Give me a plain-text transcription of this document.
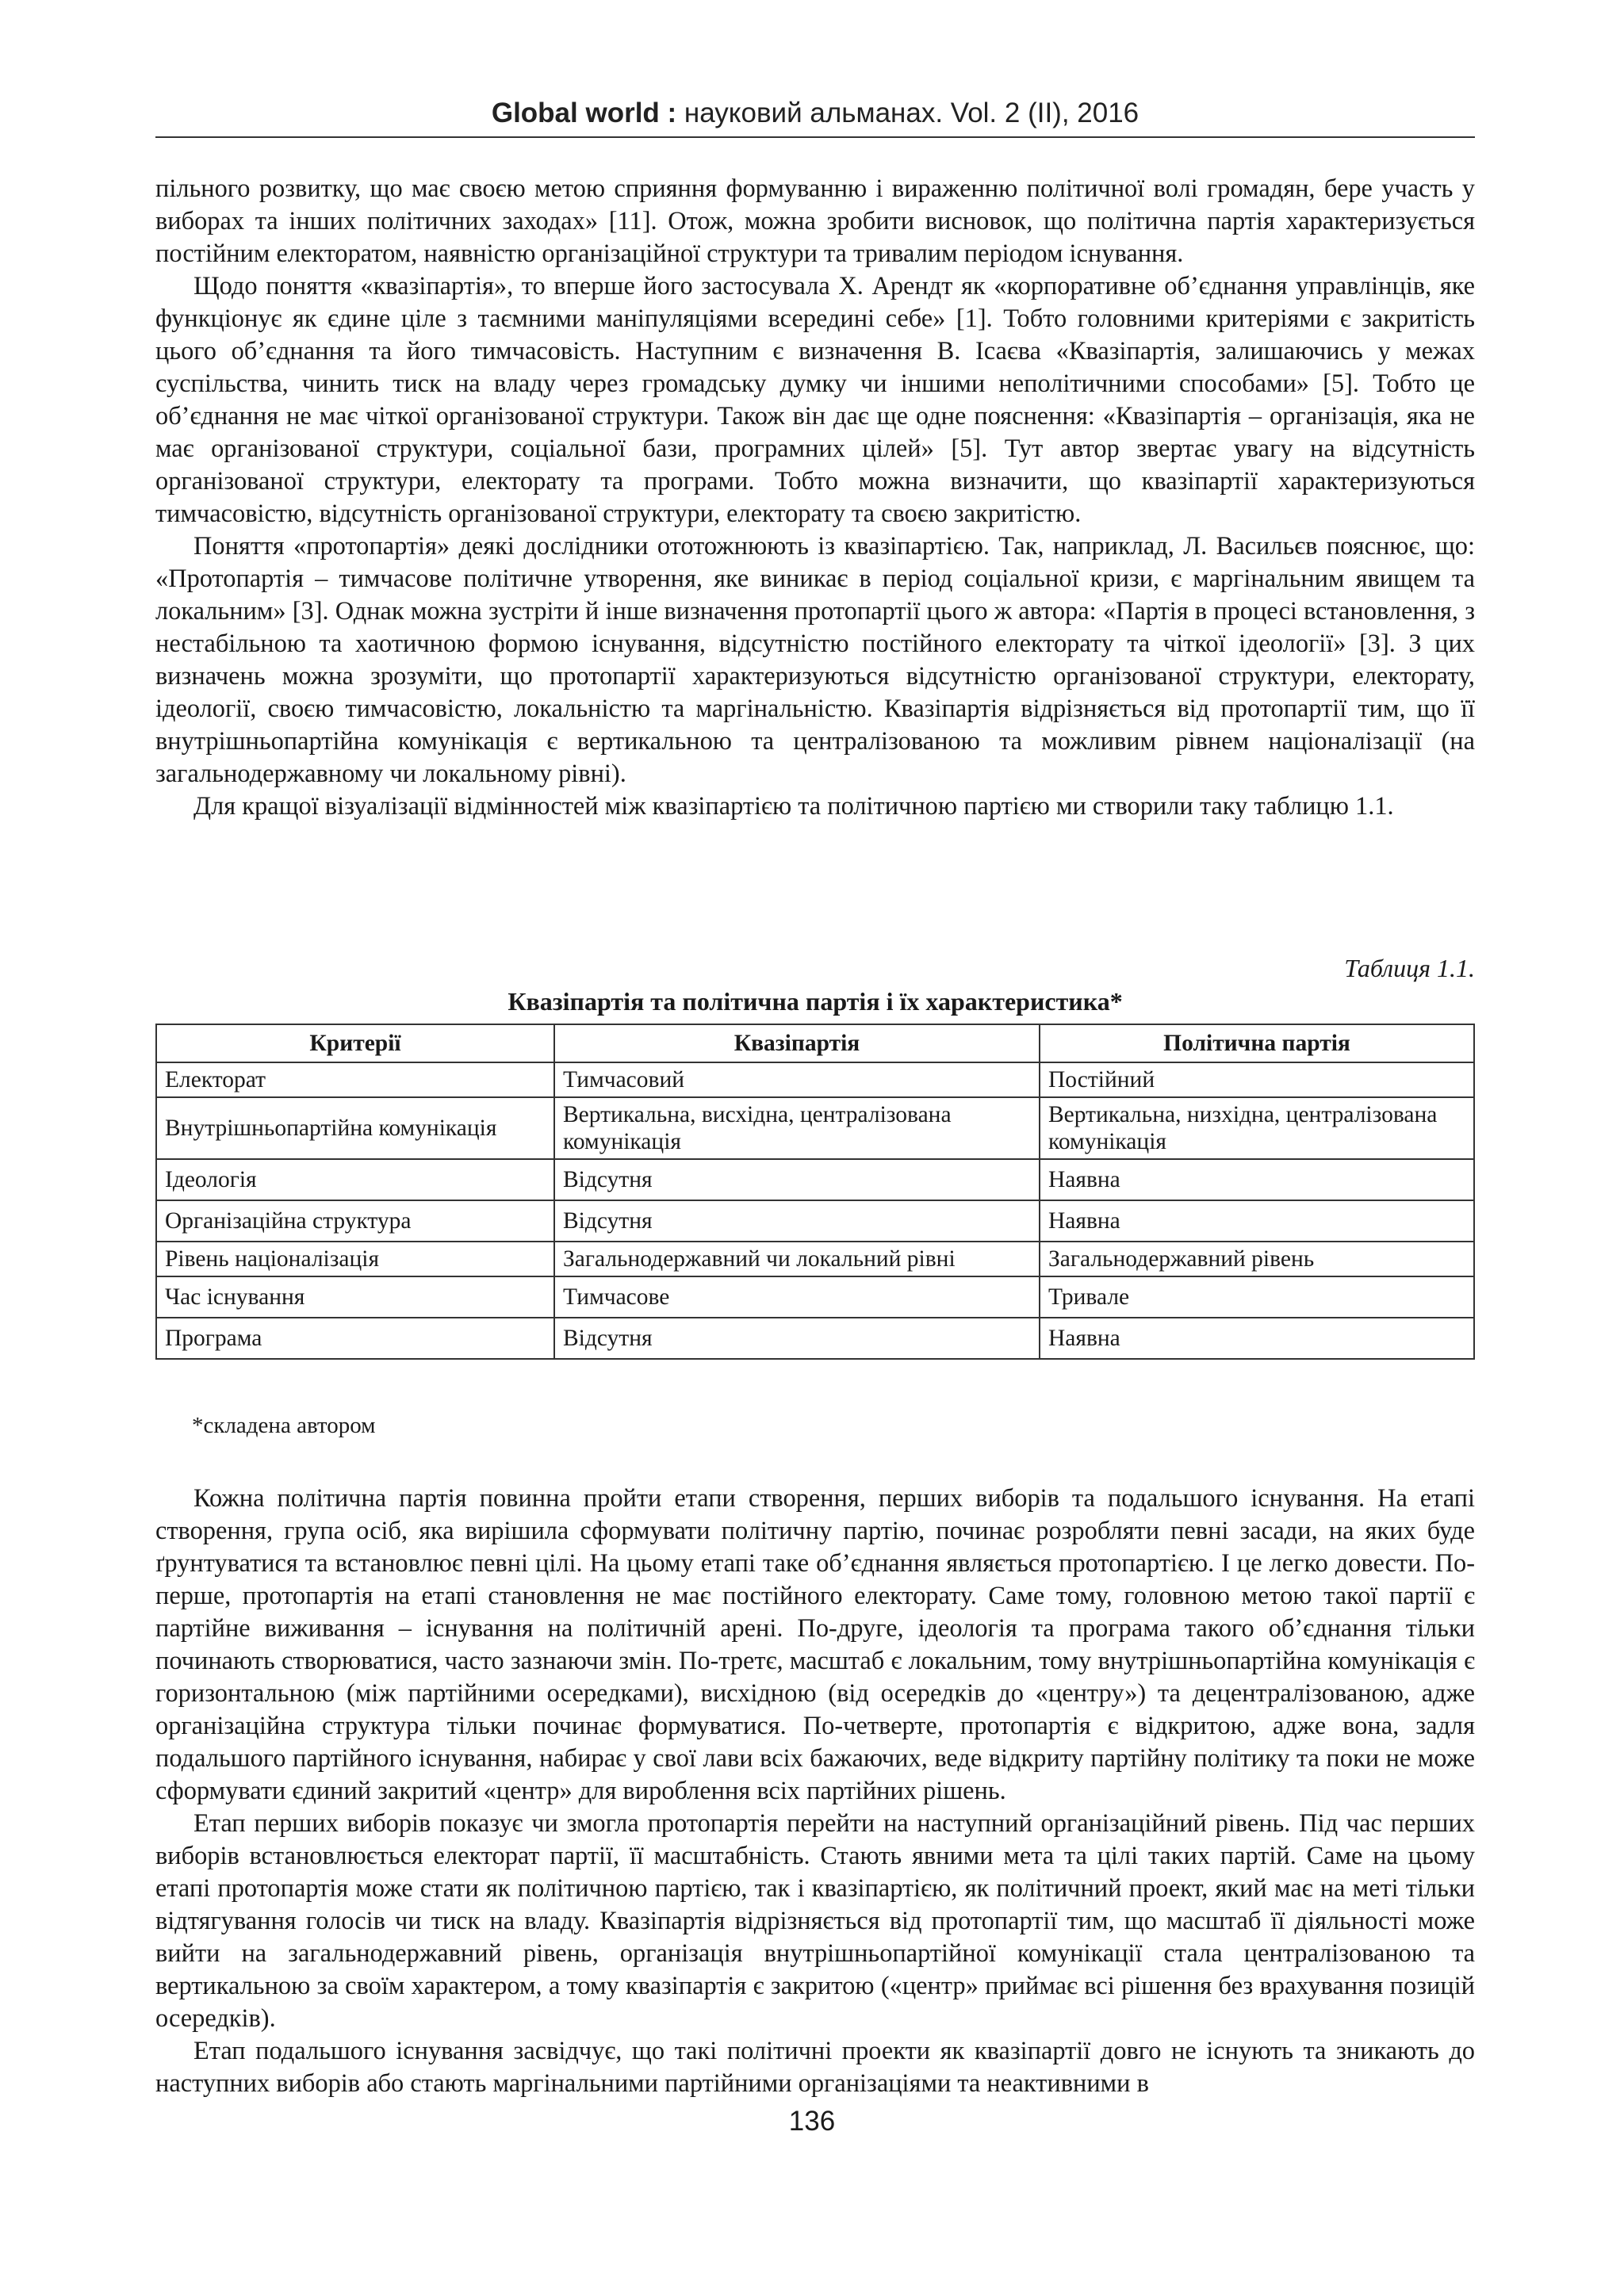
Global world : науковий альманах. Vol. 2 (ІІ), 2016

пільного розвитку, що має своєю метою сприяння формуванню і вираженню політичної волі громадян, бере участь у виборах та інших політичних заходах» [11]. Отож, можна зробити висновок, що політична партія характеризується постійним електоратом, наявністю організаційної структури та тривалим періодом існування.

Щодо поняття «квазіпартія», то вперше його застосувала Х. Арендт як «корпоративне об’єднання управлінців, яке функціонує як єдине ціле з таємними маніпуляціями всередині себе» [1]. Тобто головними критеріями є закритість цього об’єднання та його тимчасовість. Наступним є визначення В. Ісаєва «Квазіпартія, залишаючись у межах суспільства, чинить тиск на владу через громадську думку чи іншими неполітичними способами» [5]. Тобто це об’єднання не має чіткої організованої структури. Також він дає ще одне пояснення: «Квазіпартія – організація, яка не має організованої структури, соціальної бази, програмних цілей» [5]. Тут автор звертає увагу на відсутність організованої структури, електорату та програми. Тобто можна визначити, що квазіпартії характеризуються тимчасовістю, відсутність організованої структури, електорату та своєю закритістю.

Поняття «протопартія» деякі дослідники ототожнюють із квазіпартією. Так, наприклад, Л. Васильєв пояснює, що: «Протопартія – тимчасове політичне утворення, яке виникає в період соціальної кризи, є маргінальним явищем та локальним» [3]. Однак можна зустріти й інше визначення протопартії цього ж автора: «Партія в процесі встановлення, з нестабільною та хаотичною формою існування, відсутністю постійного електорату та чіткої ідеології» [3]. З цих визначень можна зрозуміти, що протопартії характеризуються відсутністю організованої структури, електорату, ідеології, своєю тимчасовістю, локальністю та маргінальністю. Квазіпартія відрізняється від протопартії тим, що її внутрішньопартійна комунікація є вертикальною та централізованою та можливим рівнем націоналізації (на загальнодержавному чи локальному рівні).

Для кращої візуалізації відмінностей між квазіпартією та політичною партією ми створили таку таблицю 1.1.

Таблиця 1.1.
Квазіпартія та політична партія і їх характеристика*
Критерії	Квазіпартія	Політична партія
Електорат	Тимчасовий	Постійний
Внутрішньопартійна комунікація	Вертикальна, висхідна, централізована комунікація	Вертикальна, низхідна, централізована комунікація
Ідеологія	Відсутня	Наявна
Організаційна структура	Відсутня	Наявна
Рівень націоналізація	Загальнодержавний чи локальний рівні	Загальнодержавний рівень
Час існування	Тимчасове	Тривале
Програма	Відсутня	Наявна
*складена автором

Кожна політична партія повинна пройти етапи створення, перших виборів та подальшого існування. На етапі створення, група осіб, яка вирішила сформувати політичну партію, починає розробляти певні засади, на яких буде ґрунтуватися та встановлює певні цілі. На цьому етапі таке об’єднання являється протопартією. І це легко довести. По-перше, протопартія на етапі становлення не має постійного електорату. Саме тому, головною метою такої партії є партійне виживання – існування на політичній арені. По-друге, ідеологія та програма такого об’єднання тільки починають створюватися, часто зазнаючи змін. По-третє, масштаб є локальним, тому внутрішньопартійна комунікація є горизонтальною (між партійними осередками), висхідною (від осередків до «центру») та децентралізованою, адже організаційна структура тільки починає формуватися. По-четверте, протопартія є відкритою, адже вона, задля подальшого партійного існування, набирає у свої лави всіх бажаючих, веде відкриту партійну політику та поки не може сформувати єдиний закритий «центр» для вироблення всіх партійних рішень.

Етап перших виборів показує чи змогла протопартія перейти на наступний організаційний рівень. Під час перших виборів встановлюється електорат партії, її масштабність. Стають явними мета та цілі таких партій. Саме на цьому етапі протопартія може стати як політичною партією, так і квазіпартією, як політичний проект, який має на меті тільки відтягування голосів чи тиск на владу. Квазіпартія відрізняється від протопартії тим, що масштаб її діяльності може вийти на загальнодержавний рівень, організація внутрішньопартійної комунікації стала централізованою та вертикальною за своїм характером, а тому квазіпартія є закритою («центр» приймає всі рішення без врахування позицій осередків).

Етап подальшого існування засвідчує, що такі політичні проекти як квазіпартії довго не існують та зникають до наступних виборів або стають маргінальними партійними організаціями та неактивними в

136
